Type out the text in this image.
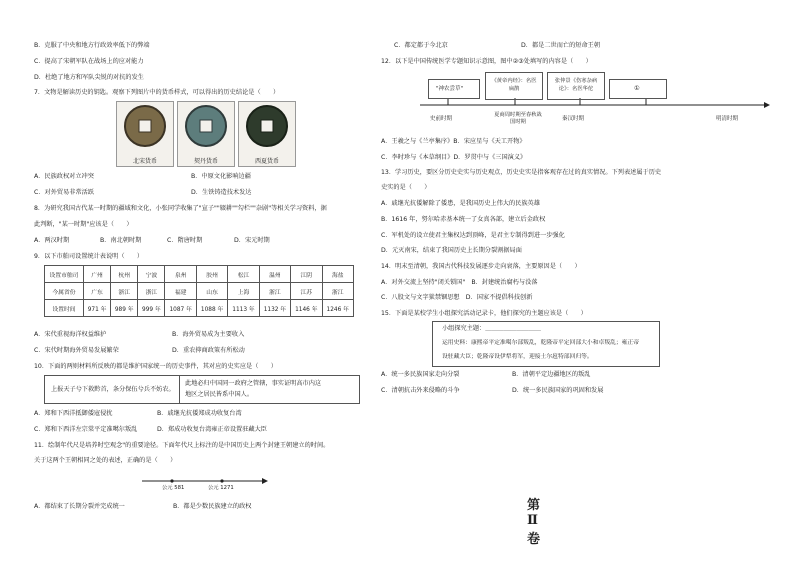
B．克服了中央和地方行政效率低下的弊端
C．提高了宋朝军队在战场上的应对能力
D．杜绝了地方和军队尖锐的对抗的发生
7．文物是解读历史的钥匙。观察下列图片中的货币样式，可以得出的历史结论是（　　）
北宋货币	契丹货币	西夏货币
A．民族政权对立冲突	B．中原文化影响边疆
C．对外贸易非常活跃	D．生铁铸造技术发达
8．为研究我国古代某一时期的疆域和文化，小张同学收集了"宣子""辍耕""勾栏""杂剧"等相关学习资料，据
此判断，"某一时期"应该是（　　）
A．两汉时期	B．南北朝时期	C．隋唐时期	D．宋元时期
9．以下市舶司设置统计表说明（　　）
设置市舶司	广州	杭州	宁波	泉州	胶州	松江	温州	江阴	海盐
今属省份	广东	浙江	浙江	福建	山东	上海	浙江	江苏	浙江
设置时间	971 年	989 年	999 年	1087 年	1088 年	1113 年	1132 年	1146 年	1246 年
A．宋代重视海洋权益维护	B．海外贸易成为主要收入
C．宋代时期海外贸易发展繁荣	D．重农抑商政策有所松动
10．下面的两则材料所反映的都是维护国家统一的历史事件，其对应的史实应是（　　）
上报天子兮下救黔首，条分保伍兮兵不妨农。
此地必归中国同一政府之管辖，事实证明高市内这
地区之居民皆系中国人。
A．郑和下西洋抵御倭寇侵扰	B．戚继光抗倭郑成功收复台湾
C．郑和下西洋左宗棠平定准噶尔叛乱	D．郑成功收复台湾雍正帝设置驻藏大臣
11．绘制年代尺是培养时空观念"的重要途径。下面年代尺上标注的是中国历史上两个封建王朝建立的时间。
关于这两个王朝相同之处的表述，正确的是（　　）
公元 581	公元 1271
A．都结束了长期分裂并完成统一	B．都是少数民族建立的政权
C．都定都于今北京	D．都是二世而亡的短命王朝
12．以下是中国传统医学专题知识示意图，图中②③处填写的内容是（　　）
"神农尝草"
《黄帝内经》：名医扁鹊
张仲景《伤寒杂病论》：名医华佗	①
史前时期
夏商周时期至春秋战国时期	秦汉时期	明清时期
A．王羲之与《兰亭集序》B．宋应星与《天工开物》
C．李时珍与《本草纲目》D．罗贯中与《三国演义》
13．学习历史，要区分历史史实与历史观点，历史史实是指客观存在过的真实情况。下列表述属于历史
史实的是（　　）
A．戚继光抗倭解除了倭患，是我国历史上伟大的民族英雄
B．1616 年，努尔哈赤基本统一了女真各部，建立后金政权
C．军机处的设立使君主集权达到顶峰，是君主专制得到进一步强化
D．元灭南宋，结束了我国历史上长期分裂割据局面
14．明末至清朝，我国古代科技发展逐步走向衰落，主要原因是（　　）
A．对外交流上坚持"闭关锁国"　B．封建统治腐朽与没落
C．八股文与文字狱禁锢思想　D．国家不提倡科技创新
15．下面是某校学生小组探究活动记录卡，他们探究的主题应该是（　　）
小组探究主题：＿＿＿＿＿＿＿＿＿
运用史料：康熙帝平定准噶尔部叛乱，乾隆帝平定回部大小和卓叛乱；雍正帝
设驻藏大臣；乾隆帝设伊犁将军，迎接土尔扈特部回归等。
A．统一多民族国家走向分裂	B．清朝平定边疆地区的叛乱
C．清朝抗击外来侵略的斗争	D．统一多民族国家的巩固和发展
第Ⅱ卷
